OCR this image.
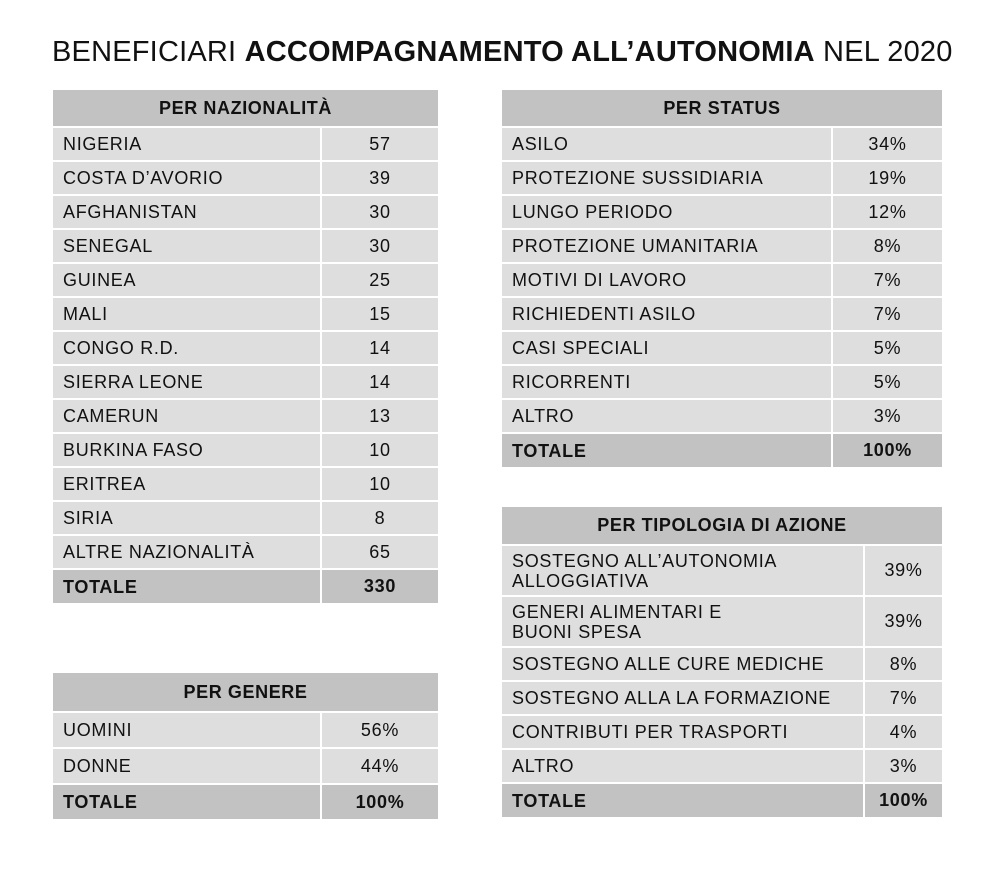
BENEFICIARI ACCOMPAGNAMENTO ALL’AUTONOMIA NEL 2020
PER NAZIONALITÀ	
NIGERIA	57
COSTA D’AVORIO	39
AFGHANISTAN	30
SENEGAL	30
GUINEA	25
MALI	15
CONGO R.D.	14
SIERRA LEONE	14
CAMERUN	13
BURKINA FASO	10
ERITREA	10
SIRIA	8
ALTRE NAZIONALITÀ	65
TOTALE	330
PER GENERE	
UOMINI	56%
DONNE	44%
TOTALE	100%
PER STATUS	
ASILO	34%
PROTEZIONE SUSSIDIARIA	19%
LUNGO PERIODO	12%
PROTEZIONE UMANITARIA	8%
MOTIVI DI LAVORO	7%
RICHIEDENTI ASILO	7%
CASI SPECIALI	5%
RICORRENTI	5%
ALTRO	3%
TOTALE	100%
PER TIPOLOGIA DI AZIONE	
SOSTEGNO ALL’AUTONOMIA
ALLOGGIATIVA	39%
GENERI ALIMENTARI E
BUONI SPESA	39%
SOSTEGNO ALLE CURE MEDICHE	8%
SOSTEGNO ALLA LA FORMAZIONE	7%
CONTRIBUTI PER TRASPORTI	4%
ALTRO	3%
TOTALE	100%
